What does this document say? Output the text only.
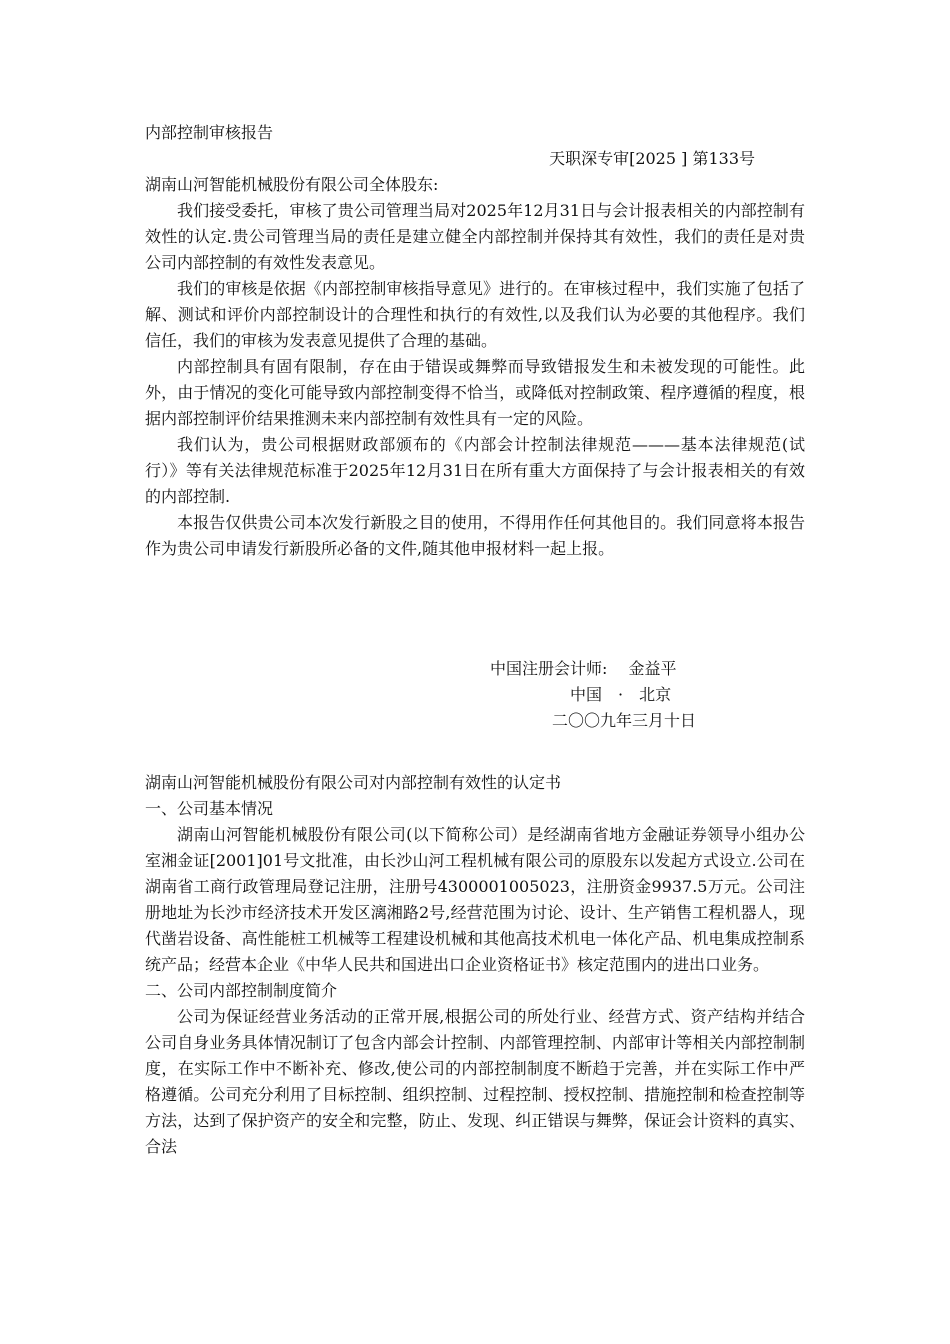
内部控制审核报告
天职深专审[2025 ] 第133号
湖南山河智能机械股份有限公司全体股东:

我们接受委托，审核了贵公司管理当局对2025年12月31日与会计报表相关的内部控制有效性的认定.贵公司管理当局的责任是建立健全内部控制并保持其有效性，我们的责任是对贵公司内部控制的有效性发表意见。

我们的审核是依据《内部控制审核指导意见》进行的。在审核过程中，我们实施了包括了解、测试和评价内部控制设计的合理性和执行的有效性,以及我们认为必要的其他程序。我们信任，我们的审核为发表意见提供了合理的基础。

内部控制具有固有限制，存在由于错误或舞弊而导致错报发生和未被发现的可能性。此外，由于情况的变化可能导致内部控制变得不恰当，或降低对控制政策、程序遵循的程度，根据内部控制评价结果推测未来内部控制有效性具有一定的风险。

我们认为，贵公司根据财政部颁布的《内部会计控制法律规范———基本法律规范(试行）》等有关法律规范标准于2025年12月31日在所有重大方面保持了与会计报表相关的有效的内部控制.

本报告仅供贵公司本次发行新股之目的使用，不得用作任何其他目的。我们同意将本报告作为贵公司申请发行新股所必备的文件,随其他申报材料一起上报。

中国注册会计师:　 金益平
中国　·　北京
二〇〇九年三月十日
湖南山河智能机械股份有限公司对内部控制有效性的认定书
一、公司基本情况

湖南山河智能机械股份有限公司(以下简称公司）是经湖南省地方金融证券领导小组办公室湘金证[2001]01号文批准，由长沙山河工程机械有限公司的原股东以发起方式设立.公司在湖南省工商行政管理局登记注册，注册号4300001005023，注册资金9937.5万元。公司注册地址为长沙市经济技术开发区漓湘路2号,经营范围为讨论、设计、生产销售工程机器人，现代凿岩设备、高性能桩工机械等工程建设机械和其他高技术机电一体化产品、机电集成控制系统产品；经营本企业《中华人民共和国进出口企业资格证书》核定范围内的进出口业务。

二、公司内部控制制度简介

公司为保证经营业务活动的正常开展,根据公司的所处行业、经营方式、资产结构并结合公司自身业务具体情况制订了包含内部会计控制、内部管理控制、内部审计等相关内部控制制度，在实际工作中不断补充、修改,使公司的内部控制制度不断趋于完善，并在实际工作中严格遵循。公司充分利用了目标控制、组织控制、过程控制、授权控制、措施控制和检查控制等方法，达到了保护资产的安全和完整，防止、发现、纠正错误与舞弊，保证会计资料的真实、合法
